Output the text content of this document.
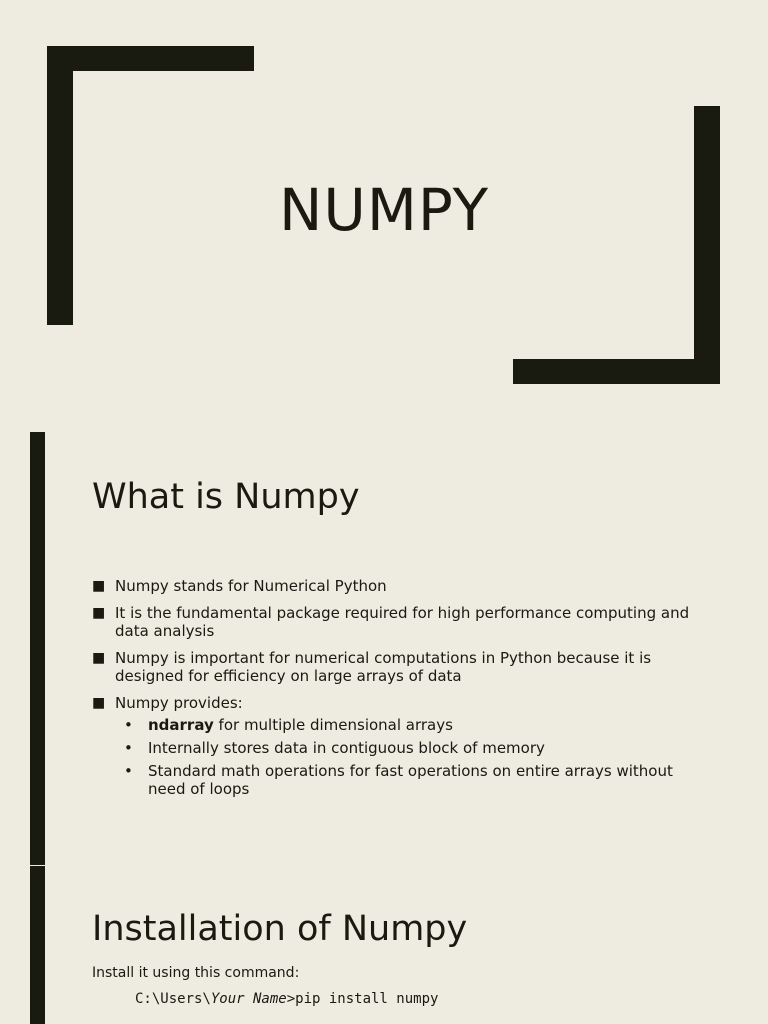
NUMPY
What is Numpy
■ Numpy stands for Numerical Python
■ It is the fundamental package required for high performance computing and data analysis
■ Numpy is important for numerical computations in Python because it is designed for efficiency on large arrays of data
■ Numpy provides:
• ndarray for multiple dimensional arrays
• Internally stores data in contiguous block of memory
• Standard math operations for fast operations on entire arrays without need of loops
Installation of Numpy
Install it using this command:
C:\Users\Your Name>pip install numpy
